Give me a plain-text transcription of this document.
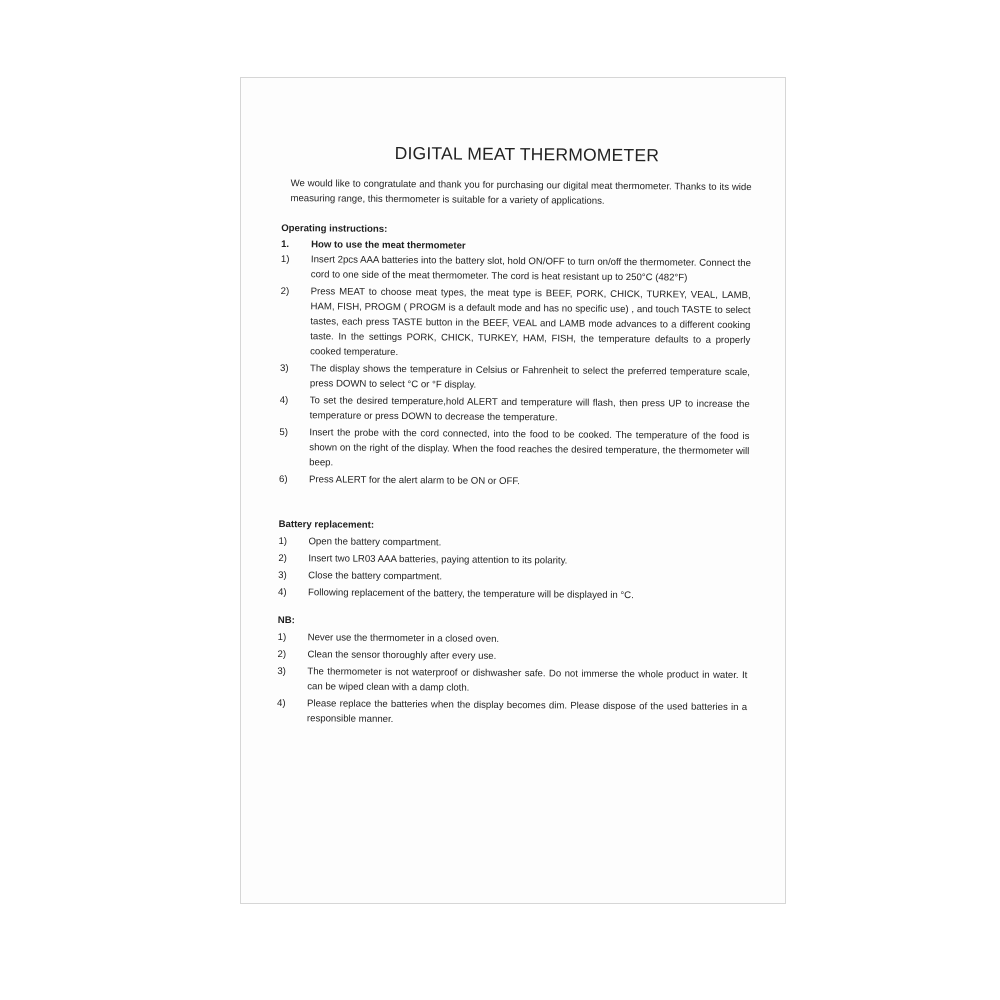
DIGITAL MEAT THERMOMETER

We would like to congratulate and thank you for purchasing our digital meat thermometer. Thanks to its wide measuring range, this thermometer is suitable for a variety of applications.

Operating instructions:

1.	How to use the meat thermometer
1)	Insert 2pcs AAA batteries into the battery slot, hold ON/OFF to turn on/off the thermometer. Connect the cord to one side of the meat thermometer. The cord is heat resistant up to 250°C (482°F)
2)	Press MEAT to choose meat types, the meat type is BEEF, PORK, CHICK, TURKEY, VEAL, LAMB, HAM, FISH, PROGM ( PROGM is a default mode and has no specific use) , and touch TASTE to select tastes, each press TASTE button in the BEEF, VEAL and LAMB mode advances to a different cooking taste. In the settings PORK, CHICK, TURKEY, HAM, FISH, the temperature defaults to a properly cooked temperature.
3)	The display shows the temperature in Celsius or Fahrenheit to select the preferred temperature scale, press DOWN to select °C or °F display.
4)	To set the desired temperature,hold ALERT and temperature will flash, then press UP to increase the temperature or press DOWN to decrease the temperature.
5)	Insert the probe with the cord connected, into the food to be cooked. The temperature of the food is shown on the right of the display. When the food reaches the desired temperature, the thermometer will beep.
6)	Press ALERT for the alert alarm to be ON or OFF.

Battery replacement:

1)	Open the battery compartment.
2)	Insert two LR03 AAA batteries, paying attention to its polarity.
3)	Close the battery compartment.
4)	Following replacement of the battery, the temperature will be displayed in °C.

NB:

1)	Never use the thermometer in a closed oven.
2)	Clean the sensor thoroughly after every use.
3)	The thermometer is not waterproof or dishwasher safe. Do not immerse the whole product in water. It can be wiped clean with a damp cloth.
4)	Please replace the batteries when the display becomes dim. Please dispose of the used batteries in a responsible manner.
